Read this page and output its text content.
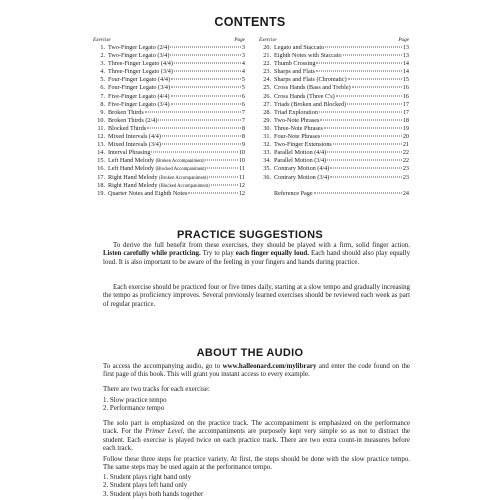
CONTENTS
Exercise	Page
1. Two-Finger Legato (2/4)	3
2. Two-Finger Legato (3/4)	3
3. Three-Finger Legato (4/4)	4
4. Three-Finger Legato (3/4)	4
5. Four-Finger Legato (4/4)	5
6. Four-Finger Legato (3/4)	5
7. Five-Finger Legato (4/4)	6
8. Five-Finger Legato (3/4)	6
9. Broken Thirds	7
10. Broken Thirds (2/4)	7
11. Blocked Thirds	8
12. Mixed Intervals (4/4)	8
13. Mixed Intervals (3/4)	9
14. Interval Phrasing	10
15. Left Hand Melody (Broken Accompaniment)	10
16. Left Hand Melody (Blocked Accompaniment)	11
17. Right Hand Melody (Broken Accompaniment)	11
18. Right Hand Melody (Blocked Accompaniment)	12
19. Quarter Notes and Eighth Notes	12
Exercise	Page
20. Legato and Staccato	13
21. Eighth Notes with Staccato	13
22. Thumb Crossing	14
23. Sharps and Flats	14
24. Sharps and Flats (Chromatic)	15
25. Cross Hands (Bass and Treble)	16
26. Cross Hands (Three C's)	16
27. Triads (Broken and Blocked)	17
28. Triad Exploration	17
29. Two-Note Phrases	18
30. Three-Note Phrases	19
31. Four-Note Phrases	20
32. Two-Finger Extensions	21
33. Parallel Motion (4/4)	22
34. Parallel Motion (3/4)	22
35. Contrary Motion (4/4)	23
36. Contrary Motion (3/4)	23
Reference Page	24
PRACTICE SUGGESTIONS

To derive the full benefit from these exercises, they should be played with a firm, solid finger action. Listen carefully while practicing. Try to play each finger equally loud. Each hand should also play equally loud. It is also important to be aware of the feeling in your fingers and hands during practice.

Each exercise should be practiced four or five times daily, starting at a slow tempo and gradually increasing the tempo as proficiency improves. Several previously learned exercises should be reviewed each week as part of regular practice.

ABOUT THE AUDIO

To access the accompanying audio, go to www.halleonard.com/mylibrary and enter the code found on the first page of this book. This will grant you instant access to every example.

There are two tracks for each exercise:

1. Slow practice tempo
2. Performance tempo

The solo part is emphasized on the practice track. The accompaniment is emphasized on the performance track. For the Primer Level, the accompaniments are purposely kept very simple so as not to distract the student. Each exercise is played twice on each practice track. There are two extra count-in measures before each track.

Follow these three steps for practice variety. At first, the steps should be done with the slow practice tempo. The same steps may be used again at the performance tempo.

1. Student plays right hand only
2. Student plays left hand only
3. Student plays both hands together
